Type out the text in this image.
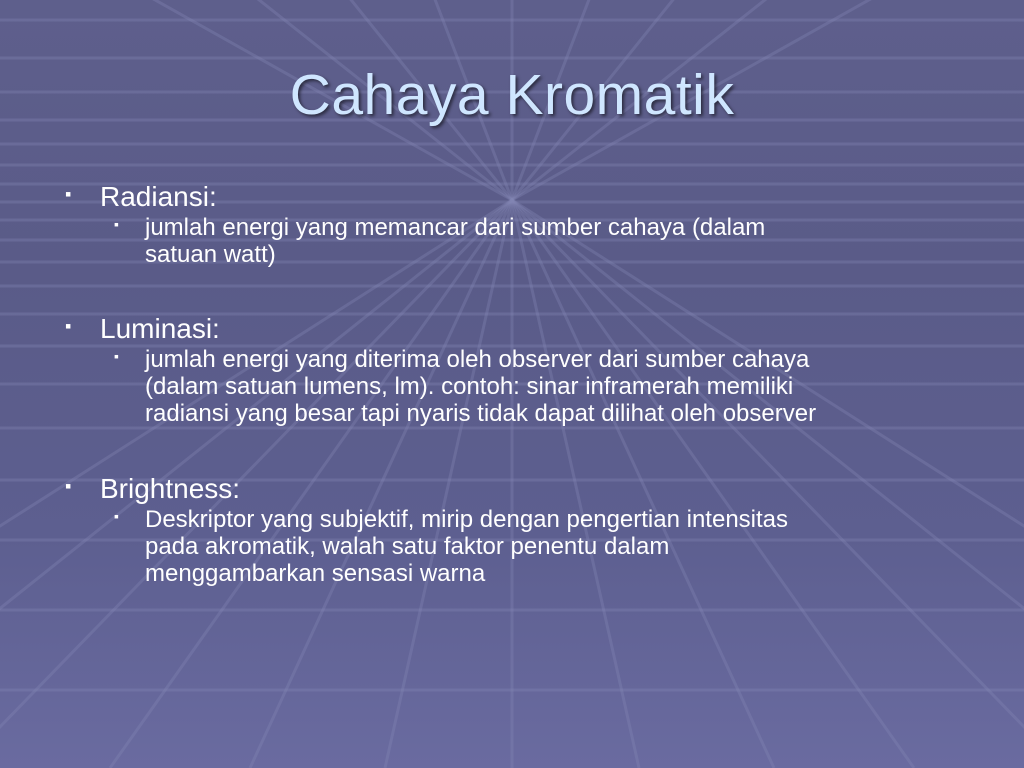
Cahaya Kromatik
▪ Radiansi:
▪ jumlah energi yang memancar dari sumber cahaya (dalam
satuan watt)
▪ Luminasi:
▪ jumlah energi yang diterima oleh observer dari sumber cahaya
(dalam satuan lumens, lm). contoh: sinar inframerah memiliki
radiansi yang besar tapi nyaris tidak dapat dilihat oleh observer
▪ Brightness:
▪ Deskriptor yang subjektif, mirip dengan pengertian intensitas
pada akromatik, walah satu faktor penentu dalam
menggambarkan sensasi warna
